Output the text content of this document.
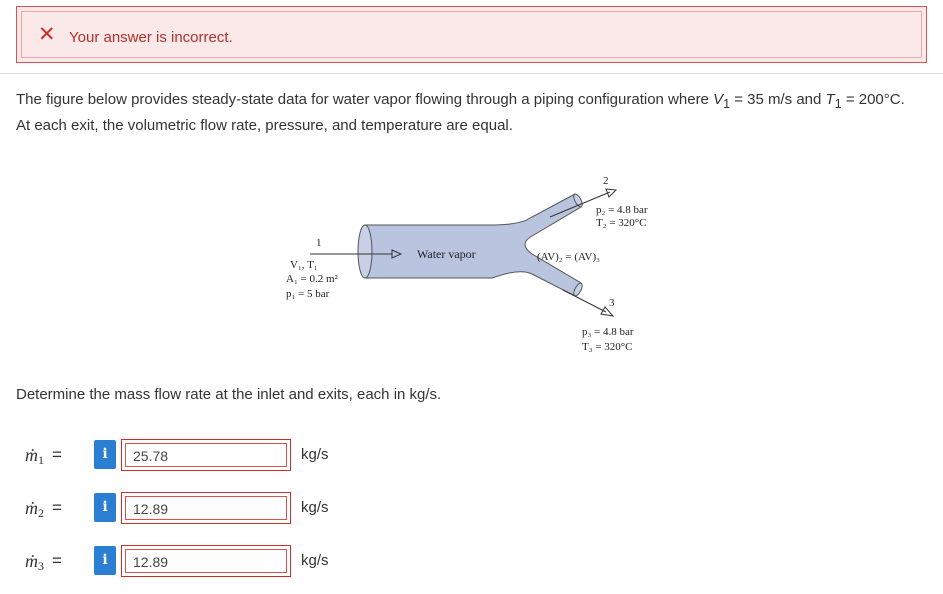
✕ Your answer is incorrect.
The figure below provides steady-state data for water vapor flowing through a piping configuration where $V_1 = 35$ m/s and $T_1 = 200^\circ C$. At each exit, the volumetric flow rate, pressure, and temperature are equal.
1
V₁, T₁
A₁ = 0.2 m²
p₁ = 5 bar
Water vapor	(AV)₂ = (AV)₃
2
p₂ = 4.8 bar
T₂ = 320°C
3
p₃ = 4.8 bar
T₃ = 320°C
Determine the mass flow rate at the inlet and exits, each in kg/s.
ṁ1 =	i	25.78	kg/s
ṁ2 =	i	12.89	kg/s
ṁ3 =	i	12.89	kg/s
